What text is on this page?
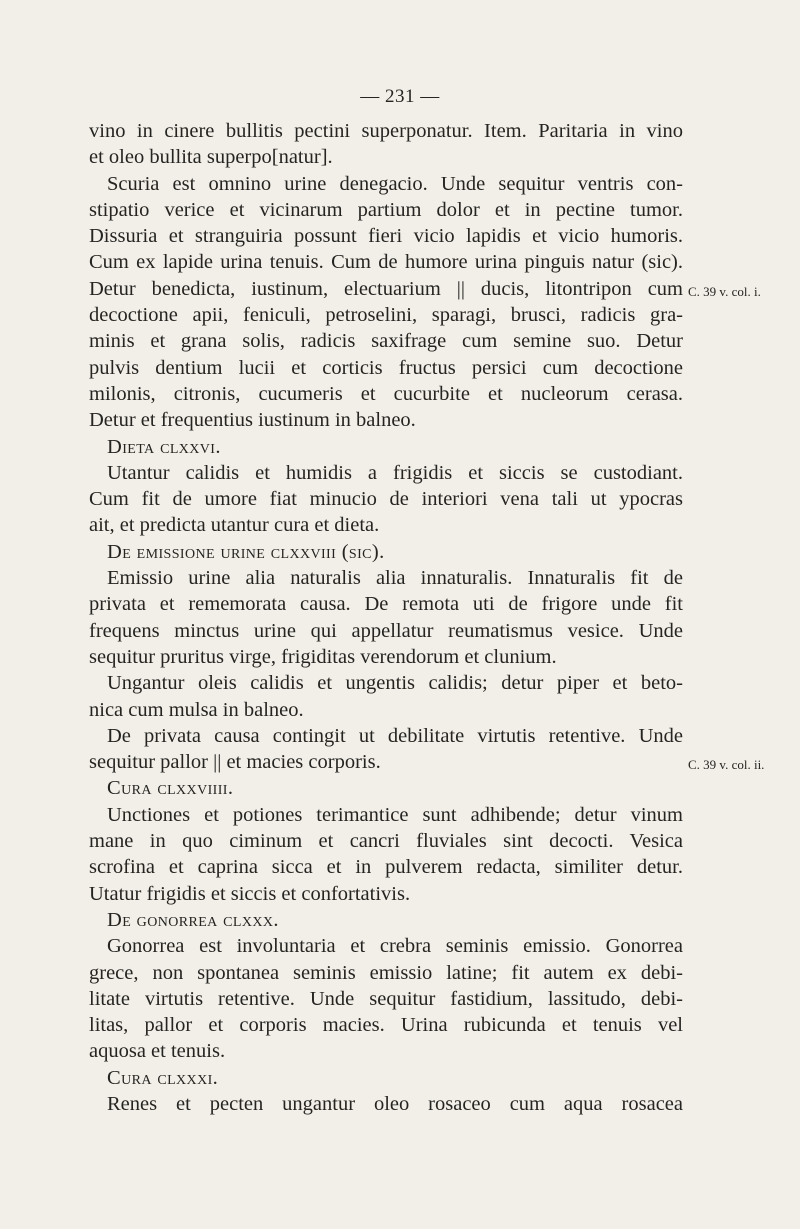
— 231 —
vino in cinere bullitis pectini superponatur. Item. Paritaria in vino
et oleo bullita superpo[natur].
Scuria est omnino urine denegacio. Unde sequitur ventris con-
stipatio verice et vicinarum partium dolor et in pectine tumor.
Dissuria et stranguiria possunt fieri vicio lapidis et vicio humoris.
Cum ex lapide urina tenuis. Cum de humore urina pinguis natur (sic).
Detur benedicta, iustinum, electuarium || ducis, litontripon cum
decoctione apii, feniculi, petroselini, sparagi, brusci, radicis gra-
minis et grana solis, radicis saxifrage cum semine suo. Detur
pulvis dentium lucii et corticis fructus persici cum decoctione
milonis, citronis, cucumeris et cucurbite et nucleorum cerasa.
Detur et frequentius iustinum in balneo.
Dieta clxxvi.
Utantur calidis et humidis a frigidis et siccis se custodiant.
Cum fit de umore fiat minucio de interiori vena tali ut ypocras
ait, et predicta utantur cura et dieta.
De emissione urine clxxviii (sic).
Emissio urine alia naturalis alia innaturalis. Innaturalis fit de
privata et rememorata causa. De remota uti de frigore unde fit
frequens minctus urine qui appellatur reumatismus vesice. Unde
sequitur pruritus virge, frigiditas verendorum et clunium.
Ungantur oleis calidis et ungentis calidis; detur piper et beto-
nica cum mulsa in balneo.
De privata causa contingit ut debilitate virtutis retentive. Unde
sequitur pallor || et macies corporis.
Cura clxxviiii.
Unctiones et potiones terimantice sunt adhibende; detur vinum
mane in quo ciminum et cancri fluviales sint decocti. Vesica
scrofina et caprina sicca et in pulverem redacta, similiter detur.
Utatur frigidis et siccis et confortativis.
De gonorrea clxxx.
Gonorrea est involuntaria et crebra seminis emissio. Gonorrea
grece, non spontanea seminis emissio latine; fit autem ex debi-
litate virtutis retentive. Unde sequitur fastidium, lassitudo, debi-
litas, pallor et corporis macies. Urina rubicunda et tenuis vel
aquosa et tenuis.
Cura clxxxi.
Renes et pecten ungantur oleo rosaceo cum aqua rosacea
C. 39 v. col. i.
C. 39 v. col. ii.
